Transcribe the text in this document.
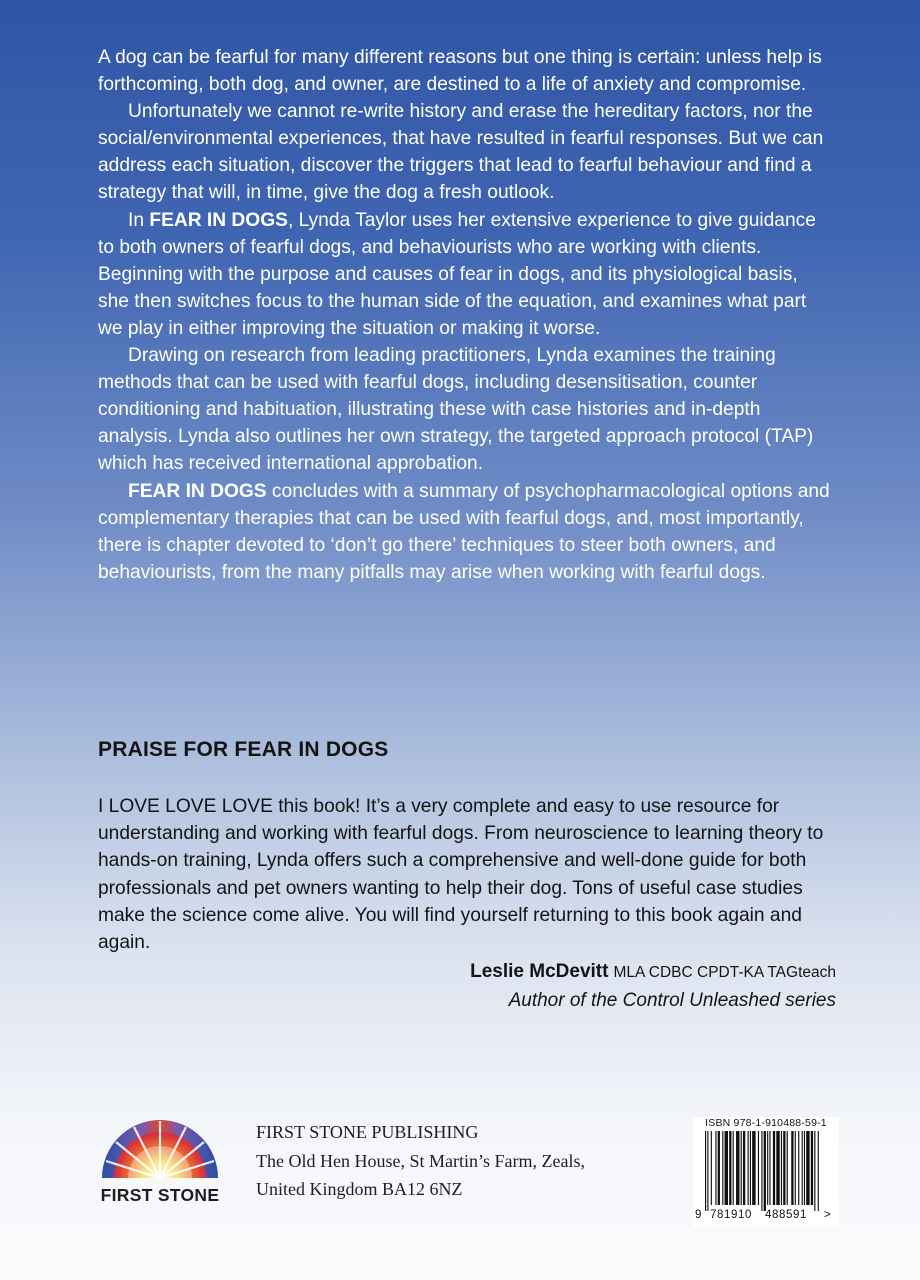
A dog can be fearful for many different reasons but one thing is certain: unless help is forthcoming, both dog, and owner, are destined to a life of anxiety and compromise.

Unfortunately we cannot re-write history and erase the hereditary factors, nor the social/environmental experiences, that have resulted in fearful responses. But we can address each situation, discover the triggers that lead to fearful behaviour and find a strategy that will, in time, give the dog a fresh outlook.

In FEAR IN DOGS, Lynda Taylor uses her extensive experience to give guidance to both owners of fearful dogs, and behaviourists who are working with clients. Beginning with the purpose and causes of fear in dogs, and its physiological basis, she then switches focus to the human side of the equation, and examines what part we play in either improving the situation or making it worse.

Drawing on research from leading practitioners, Lynda examines the training methods that can be used with fearful dogs, including desensitisation, counter conditioning and habituation, illustrating these with case histories and in-depth analysis. Lynda also outlines her own strategy, the targeted approach protocol (TAP) which has received international approbation.

FEAR IN DOGS concludes with a summary of psychopharmacological options and complementary therapies that can be used with fearful dogs, and, most importantly, there is chapter devoted to ‘don’t go there’ techniques to steer both owners, and behaviourists, from the many pitfalls may arise when working with fearful dogs.

PRAISE FOR FEAR IN DOGS

I LOVE LOVE LOVE this book! It’s a very complete and easy to use resource for understanding and working with fearful dogs. From neuroscience to learning theory to hands-on training, Lynda offers such a comprehensive and well-done guide for both professionals and pet owners wanting to help their dog. Tons of useful case studies make the science come alive. You will find yourself returning to this book again and again.

Leslie McDevitt MLA CDBC CPDT-KA TAGteach
Author of the Control Unleashed series
FIRST STONE
FIRST STONE PUBLISHING
The Old Hen House, St Martin’s Farm, Zeals,
United Kingdom BA12 6NZ
ISBN 978-1-910488-59-1
9 781910 488591 >
